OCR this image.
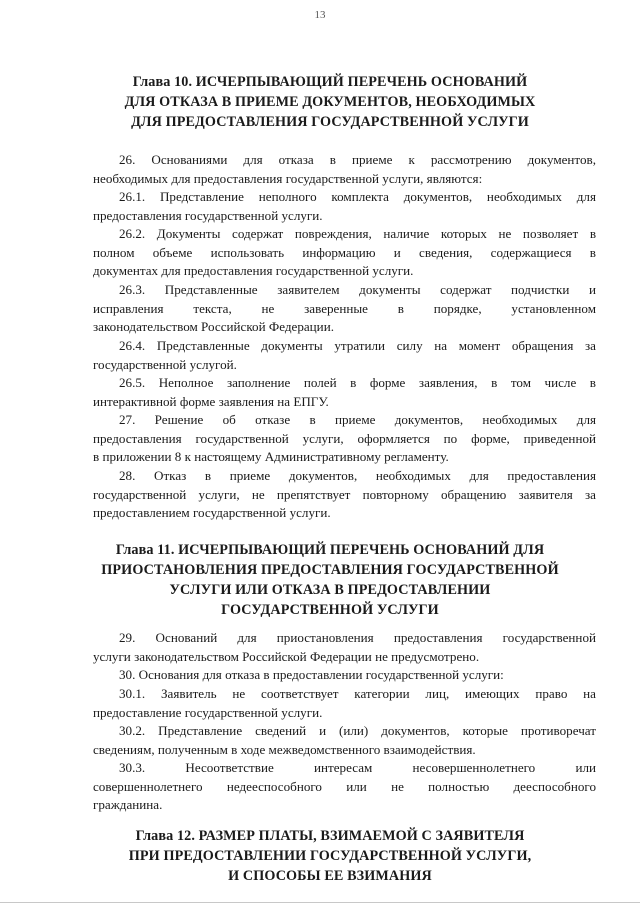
13
Глава 10. ИСЧЕРПЫВАЮЩИЙ ПЕРЕЧЕНЬ ОСНОВАНИЙ
ДЛЯ ОТКАЗА В ПРИЕМЕ ДОКУМЕНТОВ, НЕОБХОДИМЫХ
ДЛЯ ПРЕДОСТАВЛЕНИЯ ГОСУДАРСТВЕННОЙ УСЛУГИ
26. Основаниями для отказа в приеме к рассмотрению документов,
необходимых для предоставления государственной услуги, являются:
26.1. Представление неполного комплекта документов, необходимых для
предоставления государственной услуги.
26.2. Документы содержат повреждения, наличие которых не позволяет в
полном объеме использовать информацию и сведения, содержащиеся в
документах для предоставления государственной услуги.
26.3. Представленные заявителем документы содержат подчистки и
исправления текста, не заверенные в порядке, установленном
законодательством Российской Федерации.
26.4. Представленные документы утратили силу на момент обращения за
государственной услугой.
26.5. Неполное заполнение полей в форме заявления, в том числе в
интерактивной форме заявления на ЕПГУ.
27. Решение об отказе в приеме документов, необходимых для
предоставления государственной услуги, оформляется по форме, приведенной
в приложении 8 к настоящему Административному регламенту.
28. Отказ в приеме документов, необходимых для предоставления
государственной услуги, не препятствует повторному обращению заявителя за
предоставлением государственной услуги.
Глава 11. ИСЧЕРПЫВАЮЩИЙ ПЕРЕЧЕНЬ ОСНОВАНИЙ ДЛЯ
ПРИОСТАНОВЛЕНИЯ ПРЕДОСТАВЛЕНИЯ ГОСУДАРСТВЕННОЙ
УСЛУГИ ИЛИ ОТКАЗА В ПРЕДОСТАВЛЕНИИ
ГОСУДАРСТВЕННОЙ УСЛУГИ
29. Оснований для приостановления предоставления государственной
услуги законодательством Российской Федерации не предусмотрено.
30. Основания для отказа в предоставлении государственной услуги:
30.1. Заявитель не соответствует категории лиц, имеющих право на
предоставление государственной услуги.
30.2. Представление сведений и (или) документов, которые противоречат
сведениям, полученным в ходе межведомственного взаимодействия.
30.3. Несоответствие интересам несовершеннолетнего или
совершеннолетнего недееспособного или не полностью дееспособного
гражданина.
Глава 12. РАЗМЕР ПЛАТЫ, ВЗИМАЕМОЙ С ЗАЯВИТЕЛЯ
ПРИ ПРЕДОСТАВЛЕНИИ ГОСУДАРСТВЕННОЙ УСЛУГИ,
И СПОСОБЫ ЕЕ ВЗИМАНИЯ
